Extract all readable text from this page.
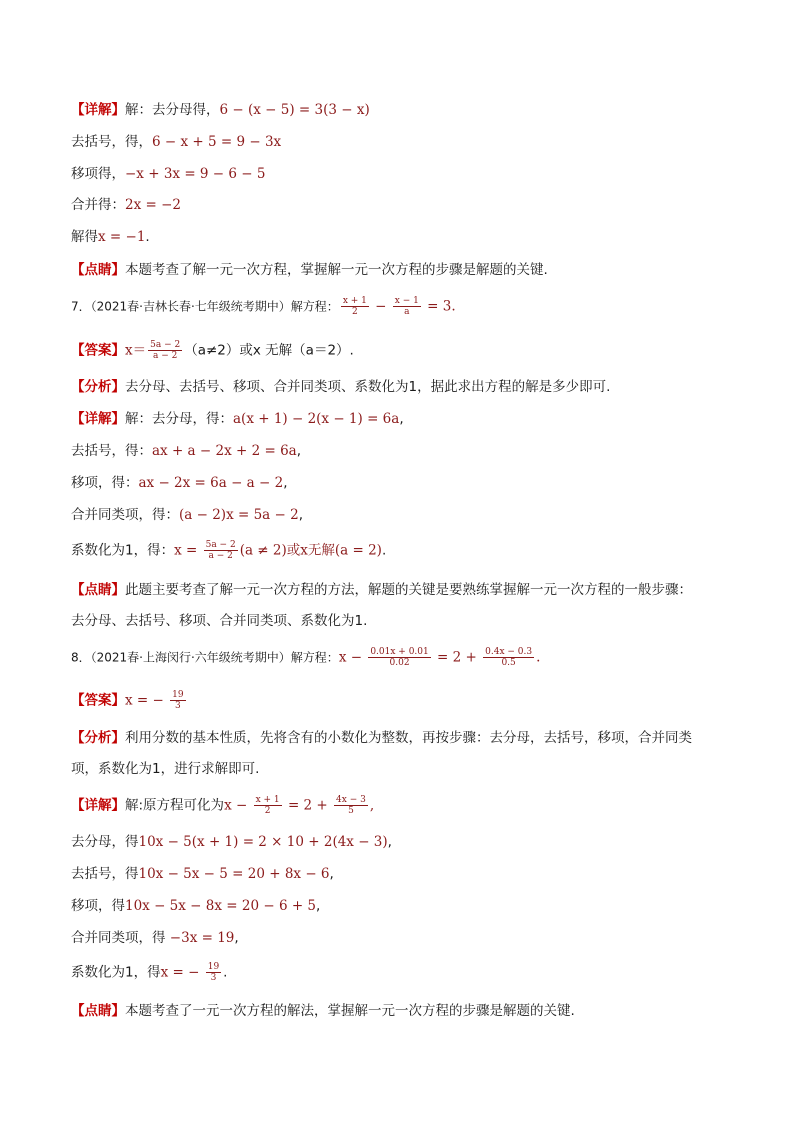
【详解】解：去分母得，6 − (x − 5) = 3(3 − x)
去括号，得，6 − x + 5 = 9 − 3x
移项得，−x + 3x = 9 − 6 − 5
合并得：2x = −2
解得x = −1.
【点睛】本题考查了解一元一次方程，掌握解一元一次方程的步骤是解题的关键.
7．（2021春·吉林长春·七年级统考期中）解方程： $\frac{x + 1}{2} - \frac{x - 1}{a} = 3$.
【答案】$x= \frac{5a - 2}{a - 2} (a\ne 2)$或x 无解（a＝2）.
【分析】去分母、去括号、移项、合并同类项、系数化为1，据此求出方程的解是多少即可.
【详解】解：去分母，得：a(x + 1) − 2(x − 1) = 6a,
去括号，得：ax + a − 2x + 2 = 6a,
移项，得：ax − 2x = 6a − a − 2,
合并同类项，得：(a − 2)x = 5a − 2,
系数化为1，得：$x = \frac{5a - 2}{a - 2} (a \ne 2)$或x无解(a = 2).
【点睛】此题主要考查了解一元一次方程的方法，解题的关键是要熟练掌握解一元一次方程的一般步骤：
去分母、去括号、移项、合并同类项、系数化为1.
8．（2021春·上海闵行·六年级统考期中）解方程：$x - \frac{0.01x + 0.01}{0.02} = 2 + \frac{0.4x - 0.3}{0.5}$ .
【答案】x = − $\frac{19}{3}$
【分析】利用分数的基本性质，先将含有的小数化为整数，再按步骤：去分母，去括号，移项，合并同类
项，系数化为1，进行求解即可.
【详解】解:原方程可化为$x - \frac{x + 1}{2} = 2 + \frac{4x - 3}{5}$ ,
去分母，得10x − 5(x + 1) = 2 × 10 + 2(4x − 3),
去括号，得10x − 5x − 5 = 20 + 8x − 6,
移项，得10x − 5x − 8x = 20 − 6 + 5,
合并同类项，得 −3x = 19,
系数化为1，得x = − $\frac{19}{3}$ .
【点睛】本题考查了一元一次方程的解法，掌握解一元一次方程的步骤是解题的关键.
